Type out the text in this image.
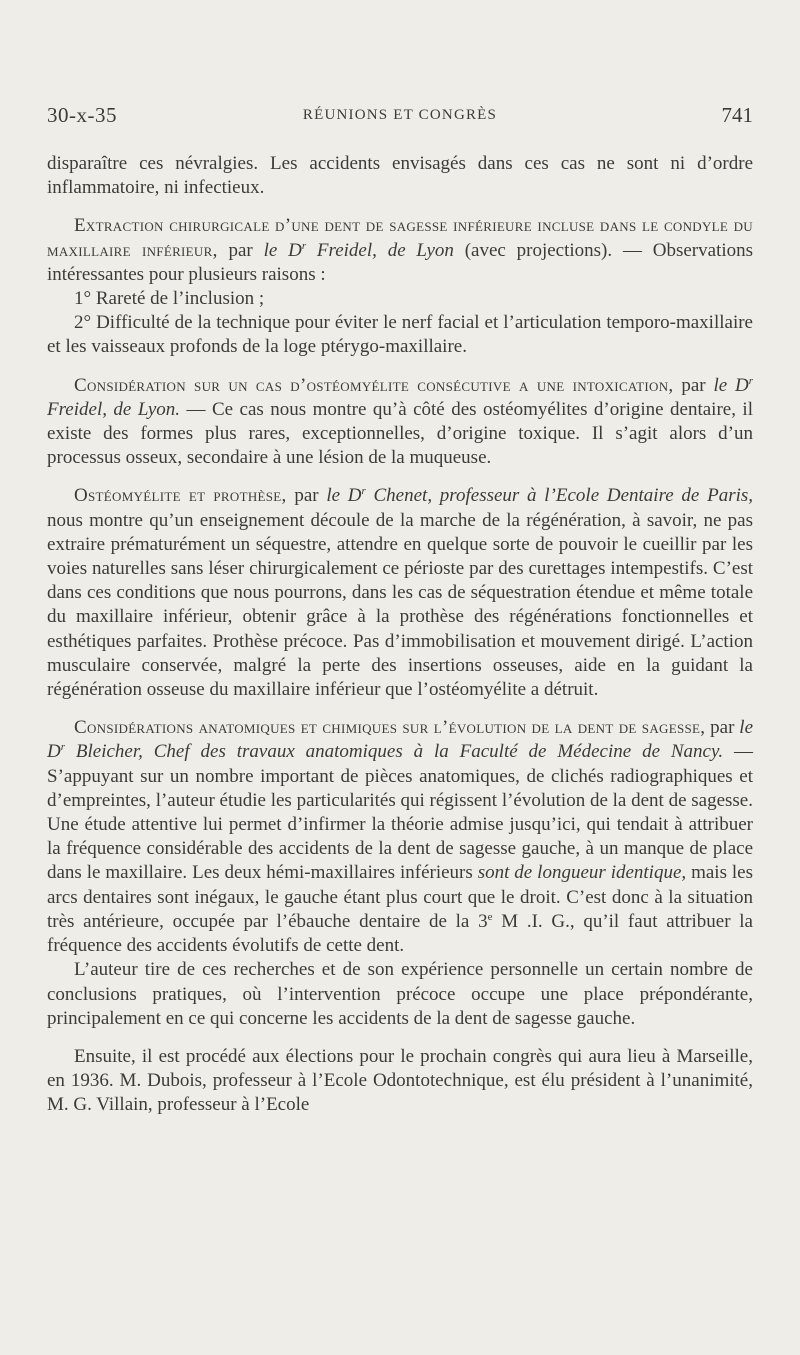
30-x-35	RÉUNIONS ET CONGRÈS	741

disparaître ces névralgies. Les accidents envisagés dans ces cas ne sont ni d’ordre inflammatoire, ni infectieux.

Extraction chirurgicale d’une dent de sagesse inférieure incluse dans le condyle du maxillaire inférieur, par le $D^r$ Freidel, de Lyon (avec projections). — Observations intéressantes pour plusieurs raisons :

1° Rareté de l’inclusion ;

2° Difficulté de la technique pour éviter le nerf facial et l’articulation temporo-maxillaire et les vaisseaux profonds de la loge ptérygo-maxillaire.

Considération sur un cas d’ostéomyélite consécutive a une intoxication, par le $D^r$ Freidel, de Lyon. — Ce cas nous montre qu’à côté des ostéomyélites d’origine dentaire, il existe des formes plus rares, exceptionnelles, d’origine toxique. Il s’agit alors d’un processus osseux, secondaire à une lésion de la muqueuse.

Ostéomyélite et prothèse, par le $D^r$ Chenet, professeur à l’Ecole Dentaire de Paris, nous montre qu’un enseignement découle de la marche de la régénération, à savoir, ne pas extraire prématurément un séquestre, attendre en quelque sorte de pouvoir le cueillir par les voies naturelles sans léser chirurgicalement ce périoste par des curettages intempestifs. C’est dans ces conditions que nous pourrons, dans les cas de séquestration étendue et même totale du maxillaire inférieur, obtenir grâce à la prothèse des régénérations fonctionnelles et esthétiques parfaites. Prothèse précoce. Pas d’immobilisation et mouvement dirigé. L’action musculaire conservée, malgré la perte des insertions osseuses, aide en la guidant la régénération osseuse du maxillaire inférieur que l’ostéomyélite a détruit.

Considérations anatomiques et chimiques sur l’évolution de la dent de sagesse, par le $D^r$ Bleicher, Chef des travaux anatomiques à la Faculté de Médecine de Nancy. — S’appuyant sur un nombre important de pièces anatomiques, de clichés radiographiques et d’empreintes, l’auteur étudie les particularités qui régissent l’évolution de la dent de sagesse. Une étude attentive lui permet d’infirmer la théorie admise jusqu’ici, qui tendait à attribuer la fréquence considérable des accidents de la dent de sagesse gauche, à un manque de place dans le maxillaire. Les deux hémi-maxillaires inférieurs sont de longueur identique, mais les arcs dentaires sont inégaux, le gauche étant plus court que le droit. C’est donc à la situation très antérieure, occupée par l’ébauche dentaire de la 3e M .I. G., qu’il faut attribuer la fréquence des accidents évolutifs de cette dent.

L’auteur tire de ces recherches et de son expérience personnelle un certain nombre de conclusions pratiques, où l’intervention précoce occupe une place prépondérante, principalement en ce qui concerne les accidents de la dent de sagesse gauche.

Ensuite, il est procédé aux élections pour le prochain congrès qui aura lieu à Marseille, en 1936. M. Dubois, professeur à l’Ecole Odontotechnique, est élu président à l’unanimité, M. G. Villain, professeur à l’Ecole
